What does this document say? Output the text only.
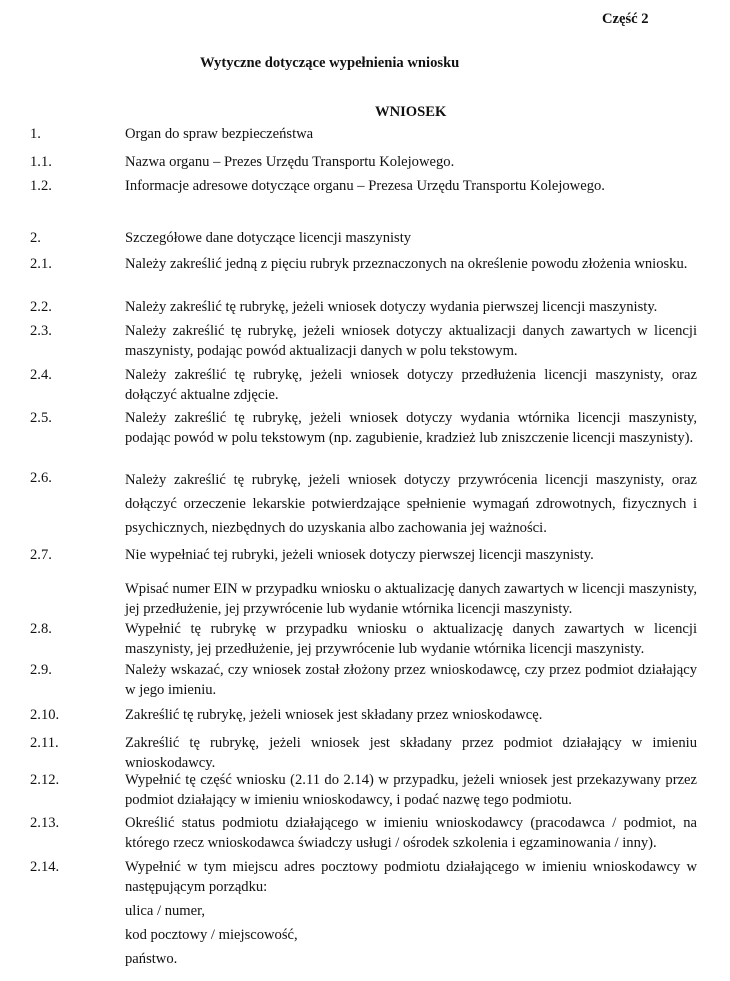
Część 2
Wytyczne dotyczące wypełnienia wniosku
WNIOSEK
1.	Organ do spraw bezpieczeństwa
1.1.	Nazwa organu – Prezes Urzędu Transportu Kolejowego.
1.2.	Informacje adresowe dotyczące organu – Prezesa Urzędu Transportu Kolejowego.
2.	Szczegółowe dane dotyczące licencji maszynisty
2.1.	Należy zakreślić jedną z pięciu rubryk przeznaczonych na określenie powodu złożenia wniosku.
2.2.	Należy zakreślić tę rubrykę, jeżeli wniosek dotyczy wydania pierwszej licencji maszynisty.
2.3.	Należy zakreślić tę rubrykę, jeżeli wniosek dotyczy aktualizacji danych zawartych w licencji maszynisty, podając powód aktualizacji danych w polu tekstowym.
2.4.	Należy zakreślić tę rubrykę, jeżeli wniosek dotyczy przedłużenia licencji maszynisty, oraz dołączyć aktualne zdjęcie.
2.5.	Należy zakreślić tę rubrykę, jeżeli wniosek dotyczy wydania wtórnika licencji maszynisty, podając powód w polu tekstowym (np. zagubienie, kradzież lub zniszczenie licencji maszynisty).
2.6.	Należy zakreślić tę rubrykę, jeżeli wniosek dotyczy przywrócenia licencji maszynisty, oraz dołączyć orzeczenie lekarskie potwierdzające spełnienie wymagań zdrowotnych, fizycznych i psychicznych, niezbędnych do uzyskania albo zachowania jej ważności.
2.7.	Nie wypełniać tej rubryki, jeżeli wniosek dotyczy pierwszej licencji maszynisty.
Wpisać numer EIN w przypadku wniosku o aktualizację danych zawartych w licencji maszynisty, jej przedłużenie, jej przywrócenie lub wydanie wtórnika licencji maszynisty.
2.8.	Wypełnić tę rubrykę w przypadku wniosku o aktualizację danych zawartych w licencji maszynisty, jej przedłużenie, jej przywrócenie lub wydanie wtórnika licencji maszynisty.
2.9.	Należy wskazać, czy wniosek został złożony przez wnioskodawcę, czy przez podmiot działający w jego imieniu.
2.10.	Zakreślić tę rubrykę, jeżeli wniosek jest składany przez wnioskodawcę.
2.11.	Zakreślić tę rubrykę, jeżeli wniosek jest składany przez podmiot działający w imieniu wnioskodawcy.
2.12.	Wypełnić tę część wniosku (2.11 do 2.14) w przypadku, jeżeli wniosek jest przekazywany przez podmiot działający w imieniu wnioskodawcy, i podać nazwę tego podmiotu.
2.13.	Określić status podmiotu działającego w imieniu wnioskodawcy (pracodawca / podmiot, na którego rzecz wnioskodawca świadczy usługi / ośrodek szkolenia i egzaminowania / inny).
2.14.	Wypełnić w tym miejscu adres pocztowy podmiotu działającego w imieniu wnioskodawcy w następującym porządku:
ulica / numer,
kod pocztowy / miejscowość,
państwo.
